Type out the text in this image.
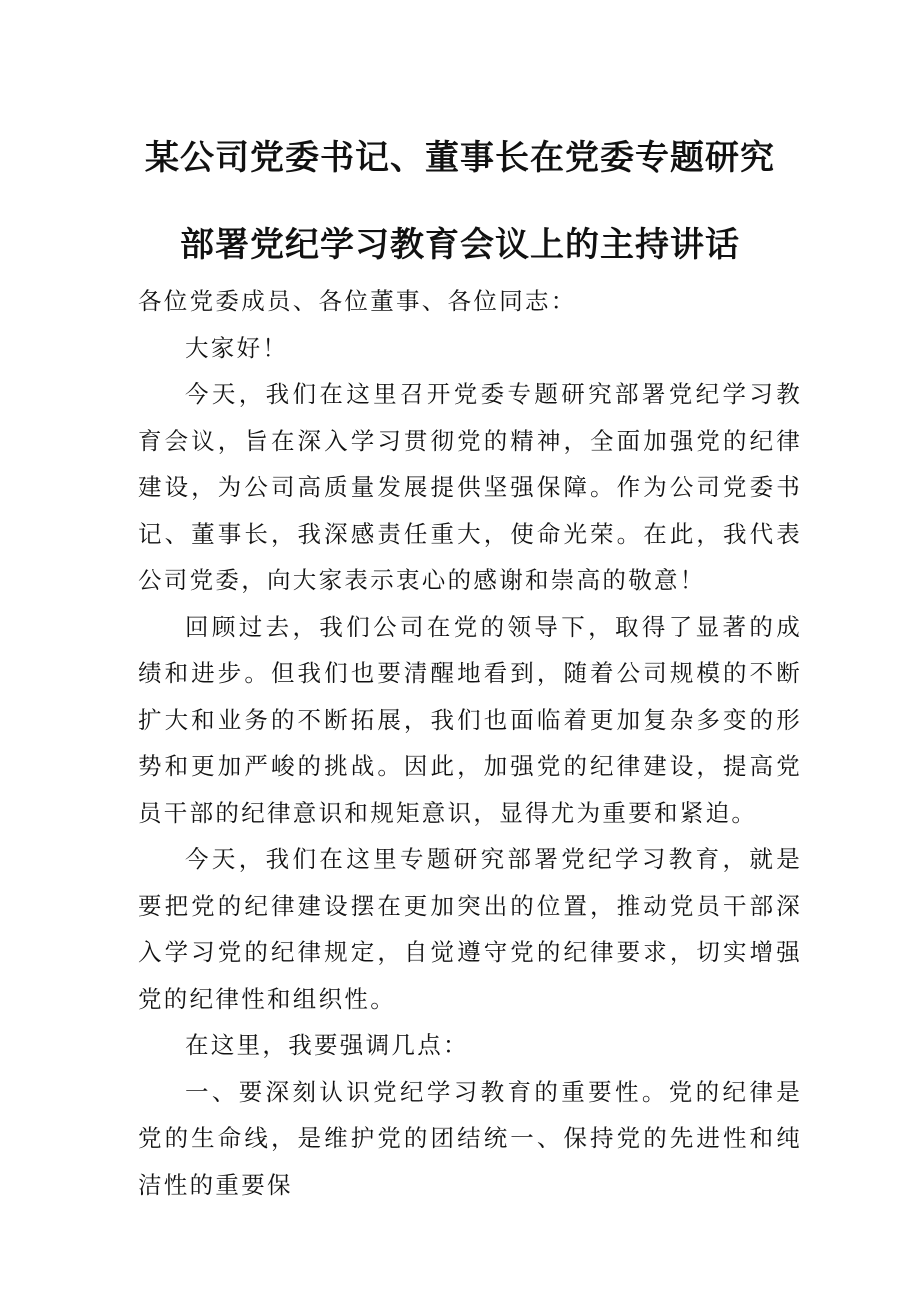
某公司党委书记、董事长在党委专题研究
部署党纪学习教育会议上的主持讲话

各位党委成员、各位董事、各位同志：

大家好！

今天，我们在这里召开党委专题研究部署党纪学习教育会议，旨在深入学习贯彻党的精神，全面加强党的纪律建设，为公司高质量发展提供坚强保障。作为公司党委书记、董事长，我深感责任重大，使命光荣。在此，我代表公司党委，向大家表示衷心的感谢和崇高的敬意！

回顾过去，我们公司在党的领导下，取得了显著的成绩和进步。但我们也要清醒地看到，随着公司规模的不断扩大和业务的不断拓展，我们也面临着更加复杂多变的形势和更加严峻的挑战。因此，加强党的纪律建设，提高党员干部的纪律意识和规矩意识，显得尤为重要和紧迫。

今天，我们在这里专题研究部署党纪学习教育，就是要把党的纪律建设摆在更加突出的位置，推动党员干部深入学习党的纪律规定，自觉遵守党的纪律要求，切实增强党的纪律性和组织性。

在这里，我要强调几点：

一、要深刻认识党纪学习教育的重要性。党的纪律是党的生命线，是维护党的团结统一、保持党的先进性和纯洁性的重要保
